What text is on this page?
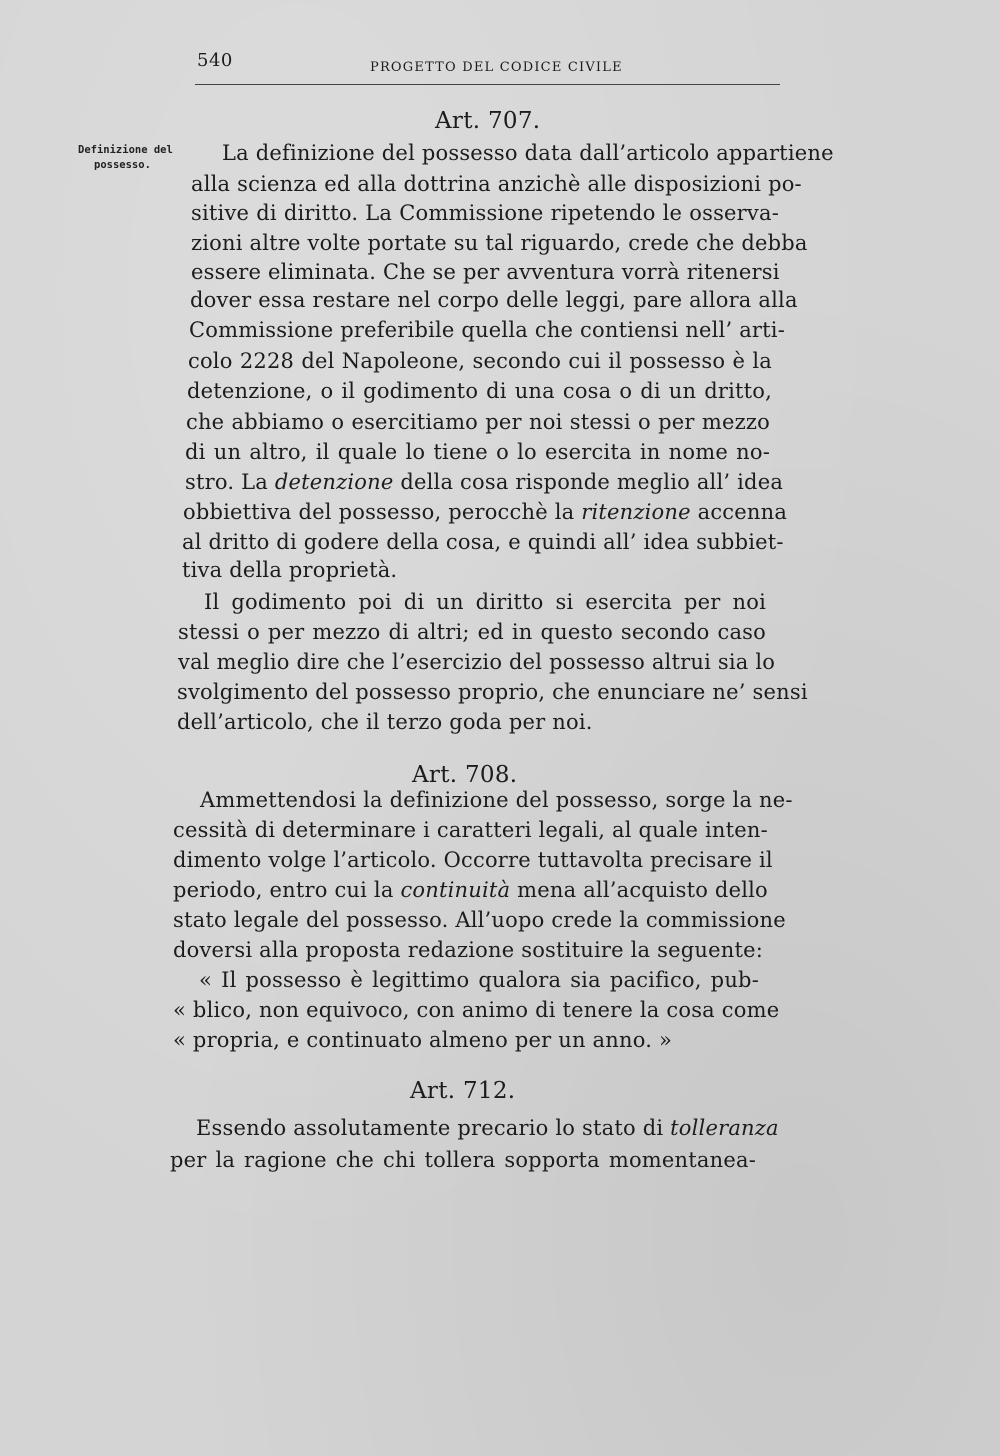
540	PROGETTO DEL CODICE CIVILE
Definizione del
possesso.
Art. 707.
La definizione del possesso data dall’articolo appartiene
alla scienza ed alla dottrina anzichè alle disposizioni po-
sitive di diritto. La Commissione ripetendo le osserva-
zioni altre volte portate su tal riguardo, crede che debba
essere eliminata. Che se per avventura vorrà ritenersi
dover essa restare nel corpo delle leggi, pare allora alla
Commissione preferibile quella che contiensi nell’ arti-
colo 2228 del Napoleone, secondo cui il possesso è la
detenzione, o il godimento di una cosa o di un dritto,
che abbiamo o esercitiamo per noi stessi o per mezzo
di un altro, il quale lo tiene o lo esercita in nome no-
stro. La detenzione della cosa risponde meglio all’ idea
obbiettiva del possesso, perocchè la ritenzione accenna
al dritto di godere della cosa, e quindi all’ idea subbiet-
tiva della proprietà.
Il godimento poi di un diritto si esercita per noi
stessi o per mezzo di altri; ed in questo secondo caso
val meglio dire che l’esercizio del possesso altrui sia lo
svolgimento del possesso proprio, che enunciare ne’ sensi
dell’articolo, che il terzo goda per noi.
Art. 708.
Ammettendosi la definizione del possesso, sorge la ne-
cessità di determinare i caratteri legali, al quale inten-
dimento volge l’articolo. Occorre tuttavolta precisare il
periodo, entro cui la continuità mena all’acquisto dello
stato legale del possesso. All’uopo crede la commissione
doversi alla proposta redazione sostituire la seguente:
« Il possesso è legittimo qualora sia pacifico, pub-
« blico, non equivoco, con animo di tenere la cosa come
« propria, e continuato almeno per un anno. »
Art. 712.
Essendo assolutamente precario lo stato di tolleranza
per la ragione che chi tollera sopporta momentanea-
